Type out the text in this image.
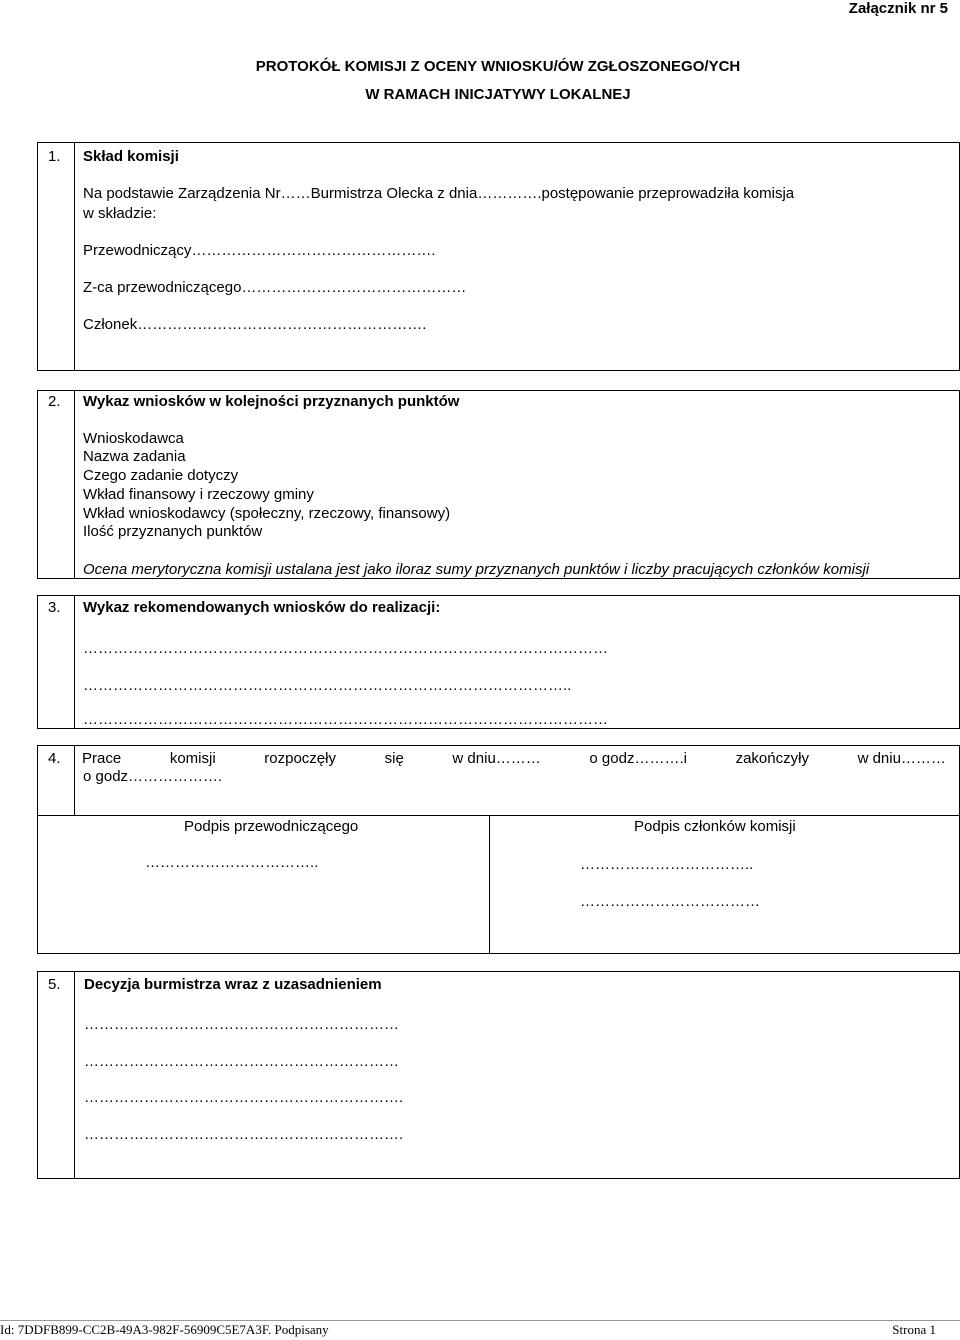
Załącznik nr 5
PROTOKÓŁ KOMISJI Z OCENY WNIOSKU/ÓW ZGŁOSZONEGO/YCH
W RAMACH INICJATYWY LOKALNEJ
1. Skład komisji
Na podstawie Zarządzenia Nr……Burmistrza Olecka z dnia………….postępowanie przeprowadziła komisja
w składzie:
Przewodniczący………………………………………….
Z-ca przewodniczącego………………………………………
Członek………………………………………………….
2. Wykaz wniosków w kolejności przyznanych punktów
Wnioskodawca
Nazwa zadania
Czego zadanie dotyczy
Wkład finansowy i rzeczowy gminy
Wkład wnioskodawcy (społeczny, rzeczowy, finansowy)
Ilość przyznanych punktów
Ocena merytoryczna komisji ustalana jest jako iloraz sumy przyznanych punktów i liczby pracujących członków komisji
3. Wykaz rekomendowanych wniosków do realizacji:
……………………………………………………………………………………………
……………………………………………………………………………………..
……………………………………………………………………………………………
4. Prace	komisji	rozpoczęły	się	w dniu………	o godz……….i	zakończyły	w dniu………
o godz……………….
Podpis przewodniczącego
……………………………..
Podpis członków komisji
……………………………..
………………………………
5. Decyzja burmistrza wraz z uzasadnieniem
………………………………………………………
………………………………………………………
……………………………………………………….
……………………………………………………….
Id: 7DDFB899-CC2B-49A3-982F-56909C5E7A3F. Podpisany	Strona 1
